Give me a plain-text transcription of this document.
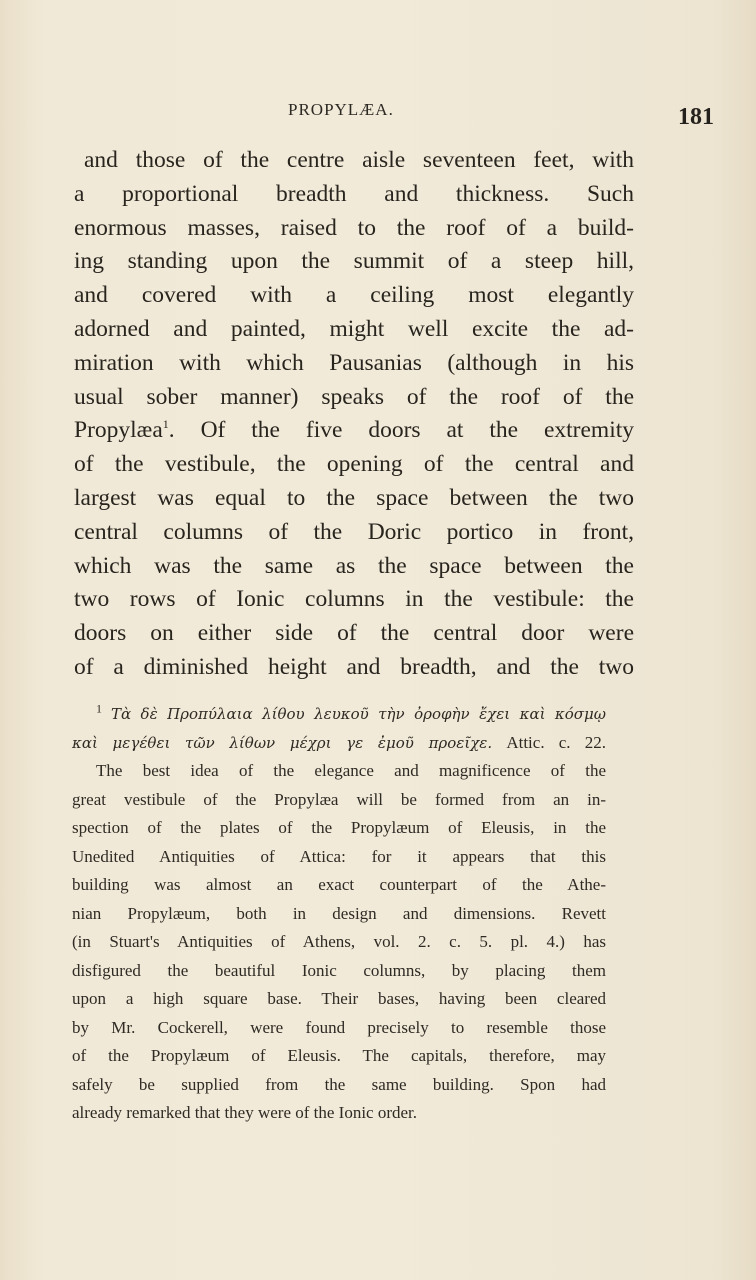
PROPYLÆA.	181
and those of the centre aisle seventeen feet, with
a proportional breadth and thickness. Such
enormous masses, raised to the roof of a build-
ing standing upon the summit of a steep hill,
and covered with a ceiling most elegantly
adorned and painted, might well excite the ad-
miration with which Pausanias (although in his
usual sober manner) speaks of the roof of the
Propylæa$^1$. Of the five doors at the extremity
of the vestibule, the opening of the central and
largest was equal to the space between the two
central columns of the Doric portico in front,
which was the same as the space between the
two rows of Ionic columns in the vestibule: the
doors on either side of the central door were
of a diminished height and breadth, and the two
$^1$ Τὰ δὲ Προπύλαια λίθου λευκοῦ τὴν ὀροφὴν ἔχει καὶ κόσμῳ
καὶ μεγέθει τῶν λίθων μέχρι γε ἐμοῦ προεῖχε. Attic. c. 22.
The best idea of the elegance and magnificence of the
great vestibule of the Propylæa will be formed from an in-
spection of the plates of the Propylæum of Eleusis, in the
Unedited Antiquities of Attica: for it appears that this
building was almost an exact counterpart of the Athe-
nian Propylæum, both in design and dimensions. Revett
(in Stuart's Antiquities of Athens, vol. 2. c. 5. pl. 4.) has
disfigured the beautiful Ionic columns, by placing them
upon a high square base. Their bases, having been cleared
by Mr. Cockerell, were found precisely to resemble those
of the Propylæum of Eleusis. The capitals, therefore, may
safely be supplied from the same building. Spon had
already remarked that they were of the Ionic order.
